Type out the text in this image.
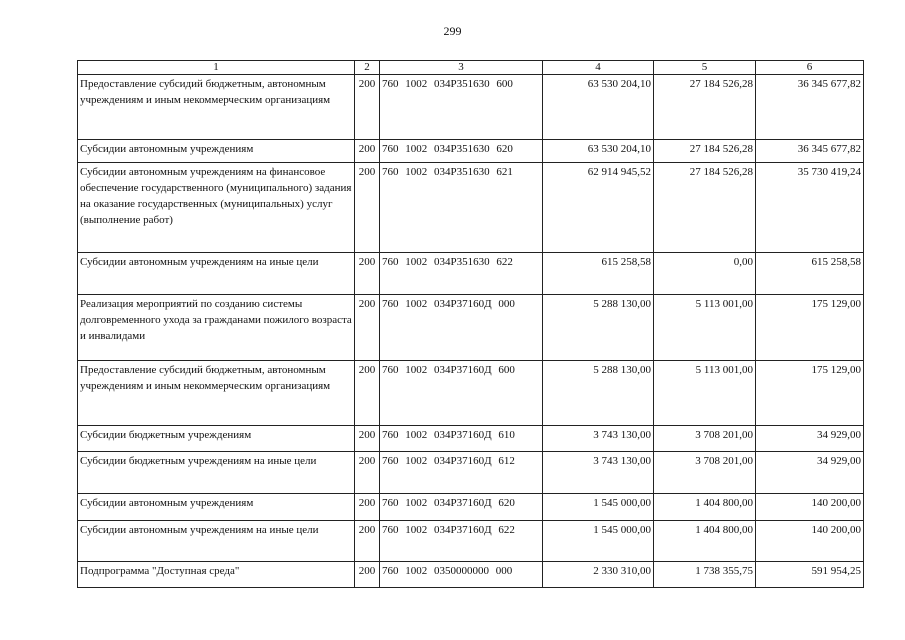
299
1	2	3	4	5	6
Предоставление субсидий бюджетным, автономным учреждениям и иным некоммерческим организациям	200	760 1002 034Р351630 600	63 530 204,10	27 184 526,28	36 345 677,82
Субсидии автономным учреждениям	200	760 1002 034Р351630 620	63 530 204,10	27 184 526,28	36 345 677,82
Субсидии автономным учреждениям на финансовое обеспечение государственного (муниципального) задания на оказание государственных (муниципальных) услуг (выполнение работ)	200	760 1002 034Р351630 621	62 914 945,52	27 184 526,28	35 730 419,24
Субсидии автономным учреждениям на иные цели	200	760 1002 034Р351630 622	615 258,58	0,00	615 258,58
Реализация мероприятий по созданию системы долговременного ухода за гражданами пожилого возраста и инвалидами	200	760 1002 034Р37160Д 000	5 288 130,00	5 113 001,00	175 129,00
Предоставление субсидий бюджетным, автономным учреждениям и иным некоммерческим организациям	200	760 1002 034Р37160Д 600	5 288 130,00	5 113 001,00	175 129,00
Субсидии бюджетным учреждениям	200	760 1002 034Р37160Д 610	3 743 130,00	3 708 201,00	34 929,00
Субсидии бюджетным учреждениям на иные цели	200	760 1002 034Р37160Д 612	3 743 130,00	3 708 201,00	34 929,00
Субсидии автономным учреждениям	200	760 1002 034Р37160Д 620	1 545 000,00	1 404 800,00	140 200,00
Субсидии автономным учреждениям на иные цели	200	760 1002 034Р37160Д 622	1 545 000,00	1 404 800,00	140 200,00
Подпрограмма "Доступная среда"	200	760 1002 0350000000 000	2 330 310,00	1 738 355,75	591 954,25
